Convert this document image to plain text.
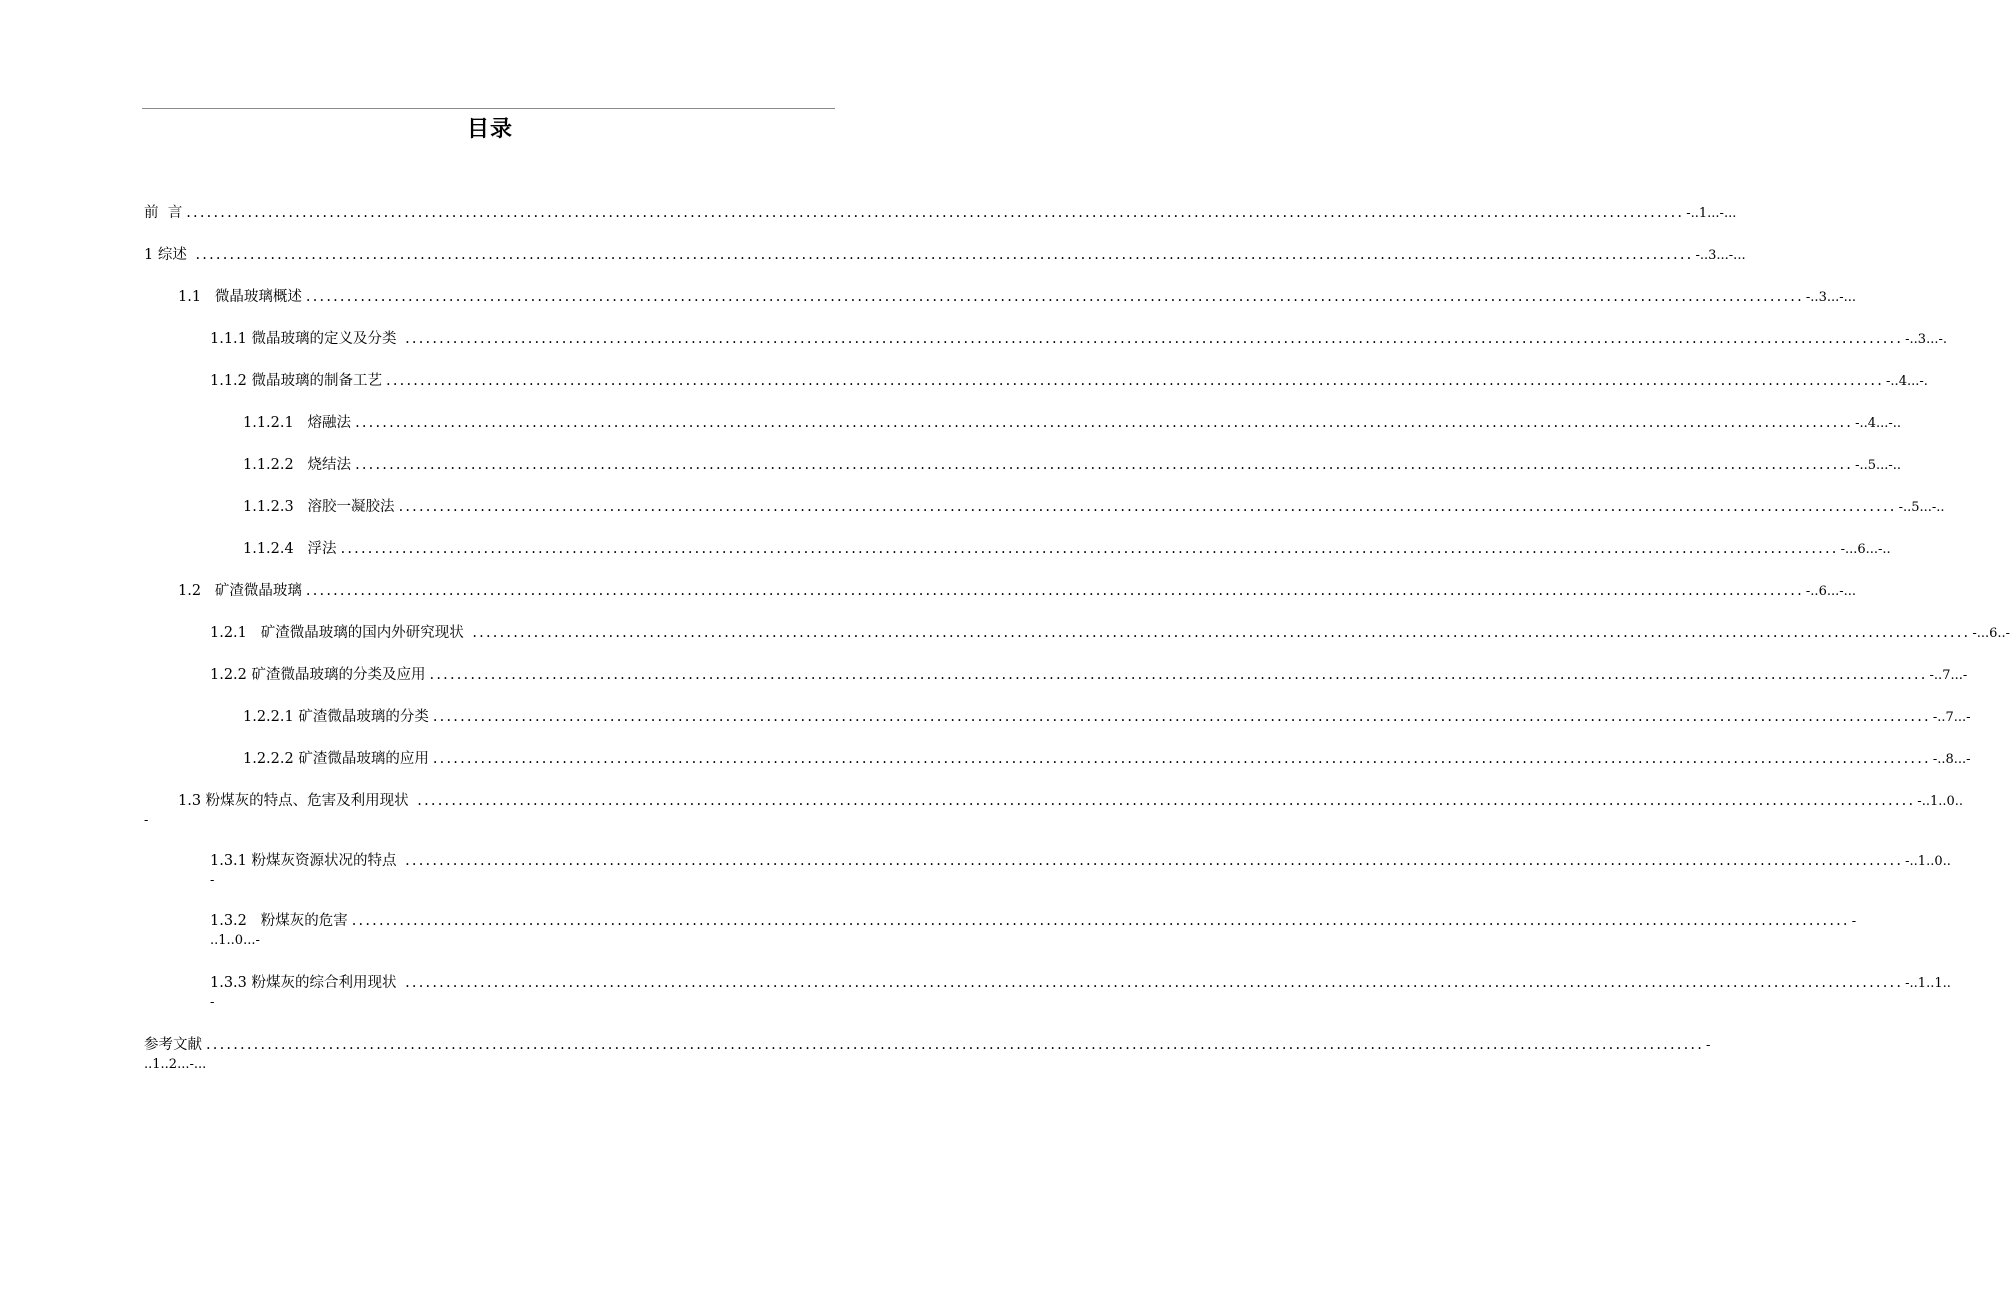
目录
前  言 ............................................................................................................................................................................................................................ -..1...-...
1 综述 ............................................................................................................................................................................................................................ -..3...-...
1.1   微晶玻璃概述 ............................................................................................................................................................................................................................ -..3...-...
1.1.1 微晶玻璃的定义及分类 ............................................................................................................................................................................................................................ -..3...-.
1.1.2 微晶玻璃的制备工艺 ............................................................................................................................................................................................................................ -..4...-.
1.1.2.1   熔融法 ............................................................................................................................................................................................................................ -..4...-..
1.1.2.2   烧结法 ............................................................................................................................................................................................................................ -..5...-..
1.1.2.3   溶胶一凝胶法 ............................................................................................................................................................................................................................ -..5...-..
1.1.2.4   浮法 ............................................................................................................................................................................................................................ -...6...-..
1.2   矿渣微晶玻璃 ............................................................................................................................................................................................................................ -..6...-...
1.2.1   矿渣微晶玻璃的国内外研究现状 ............................................................................................................................................................................................................................ -...6..-
1.2.2 矿渣微晶玻璃的分类及应用 ............................................................................................................................................................................................................................ -..7...-
1.2.2.1 矿渣微晶玻璃的分类 ............................................................................................................................................................................................................................ -..7...-
1.2.2.2 矿渣微晶玻璃的应用 ............................................................................................................................................................................................................................ -..8...-
1.3 粉煤灰的特点、危害及利用现状 ............................................................................................................................................................................................................................ -..1..0..
-
1.3.1 粉煤灰资源状况的特点 ............................................................................................................................................................................................................................ -..1..0..
-
1.3.2   粉煤灰的危害 ............................................................................................................................................................................................................................ -
..1..0...-
1.3.3 粉煤灰的综合利用现状 ............................................................................................................................................................................................................................ -..1..1..
-
参考文献 ............................................................................................................................................................................................................................ -
..1..2...-...
